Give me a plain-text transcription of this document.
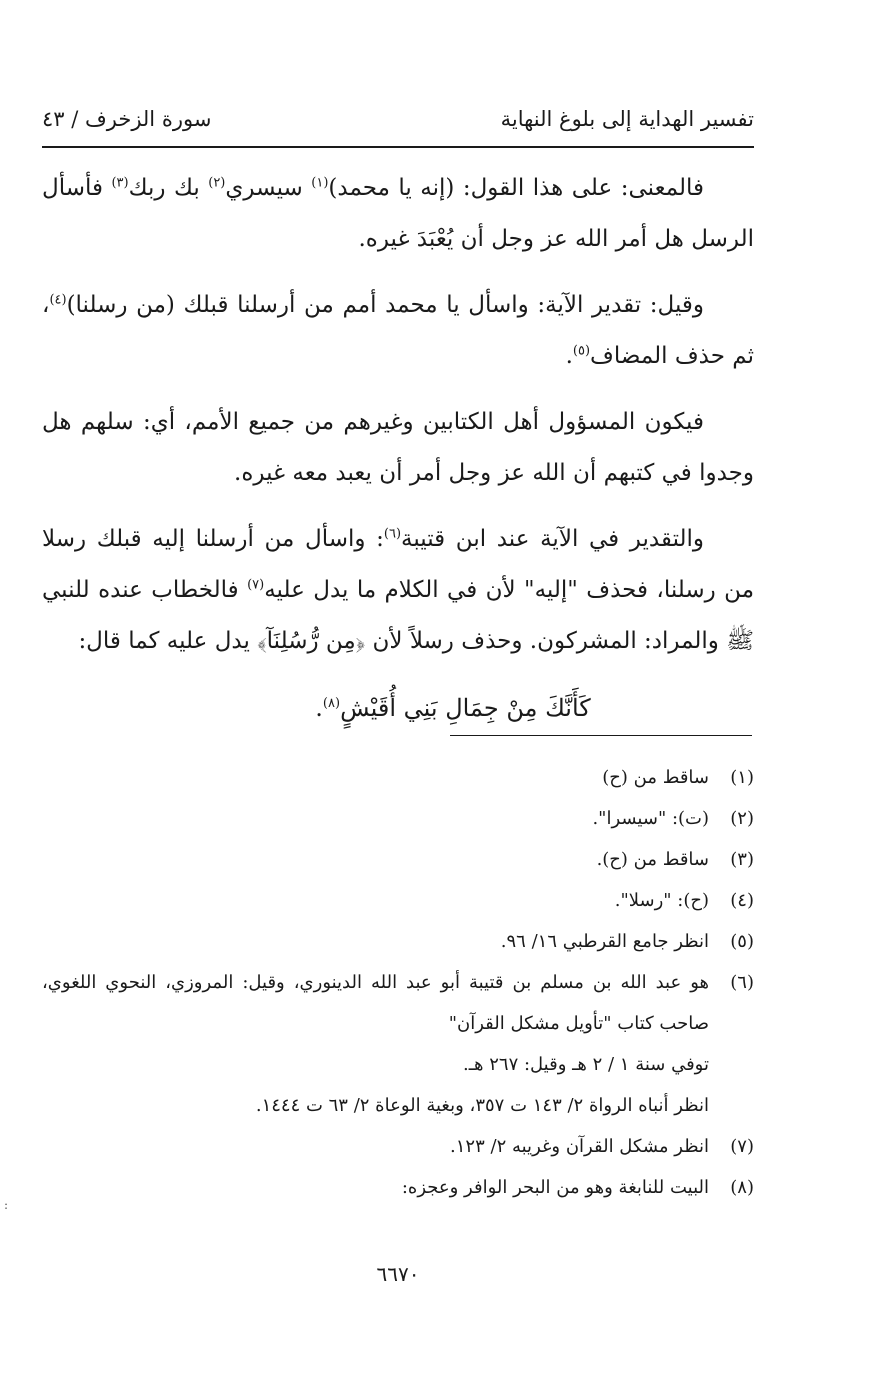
تفسير الهداية إلى بلوغ النهاية
سورة الزخرف / ٤٣

فالمعنى: على هذا القول: (إنه يا محمد)$^{(١)}$ سيسري$^{(٢)}$ بك ربك$^{(٣)}$ فأسأل الرسل هل أمر الله عز وجل أن يُعْبَدَ غيره.

وقيل: تقدير الآية: واسأل يا محمد أمم من أرسلنا قبلك (من رسلنا)$^{(٤)}$، ثم حذف المضاف$^{(٥)}$.

فيكون المسؤول أهل الكتابين وغيرهم من جميع الأمم، أي: سلهم هل وجدوا في كتبهم أن الله عز وجل أمر أن يعبد معه غيره.

والتقدير في الآية عند ابن قتيبة$^{(٦)}$: واسأل من أرسلنا إليه قبلك رسلا من رسلنا، فحذف "إليه" لأن في الكلام ما يدل عليه$^{(٧)}$ فالخطاب عنده للنبي ﷺ والمراد: المشركون. وحذف رسلاً لأن ﴿مِن رُّسُلِنَآ﴾ يدل عليه كما قال:

كَأَنَّكَ مِنْ جِمَالِ بَنِي أُقَيْشٍ$^{(٨)}$.

(١)
ساقط من (ح)
(٢)
(ت): "سيسرا".
(٣)
ساقط من (ح).
(٤)
(ح): "رسلا".
(٥)
انظر جامع القرطبي ١٦/ ٩٦.
(٦)
هو عبد الله بن مسلم بن قتيبة أبو عبد الله الدينوري، وقيل: المروزي، النحوي اللغوي، صاحب كتاب "تأويل مشكل القرآن"
توفي سنة ١ / ٢ هـ وقيل: ٢٦٧ هـ.
انظر أنباه الرواة ٢/ ١٤٣ ت ٣٥٧، وبغية الوعاة ٢/ ٦٣ ت ١٤٤٤.
(٧)
انظر مشكل القرآن وغريبه ٢/ ١٢٣.
(٨)
البيت للنابغة وهو من البحر الوافر وعجزه:
٦٦٧٠
:
